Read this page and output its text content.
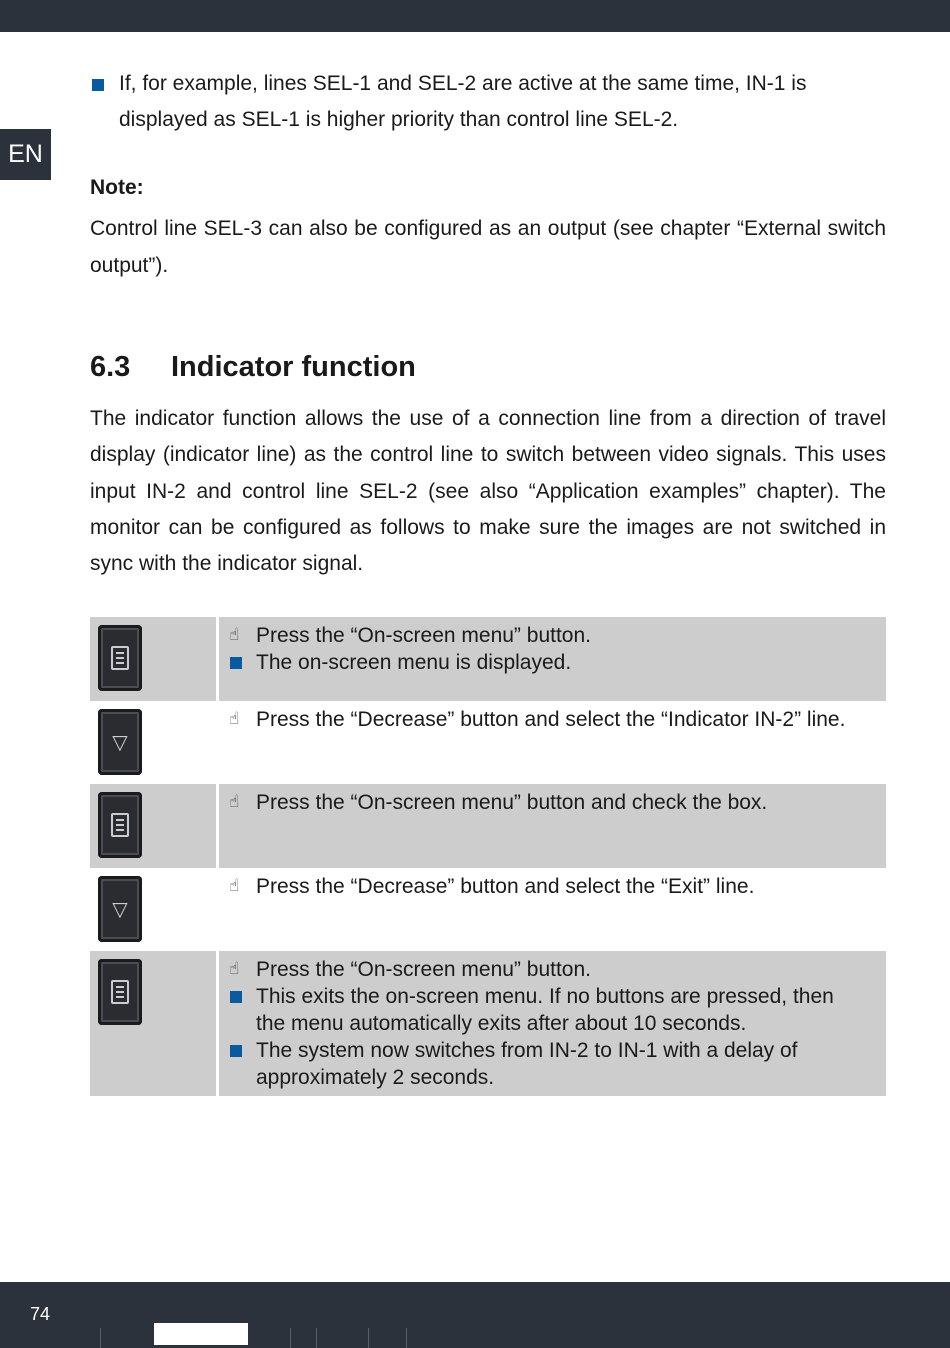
EN
If, for example, lines SEL-1 and SEL-2 are active at the same time, IN-1 is displayed as SEL-1 is higher priority than control line SEL-2.
Note:
Control line SEL-3 can also be configured as an output (see chapter “External switch output”).
6.3 Indicator function
The indicator function allows the use of a connection line from a direction of travel display (indicator line) as the control line to switch between video signals. This uses input IN-2 and control line SEL-2 (see also “Application examples” chapter). The monitor can be configured as follows to make sure the images are not switched in sync with the indicator signal.
☝ Press the “On-screen menu” button.
The on-screen menu is displayed.
▽
☝ Press the “Decrease” button and select the “Indicator IN-2” line.
☝ Press the “On-screen menu” button and check the box.
▽
☝ Press the “Decrease” button and select the “Exit” line.
☝ Press the “On-screen menu” button.
This exits the on-screen menu. If no buttons are pressed, then the menu automatically exits after about 10 seconds.
The system now switches from IN-2 to IN-1 with a delay of approximately 2 seconds.
74
